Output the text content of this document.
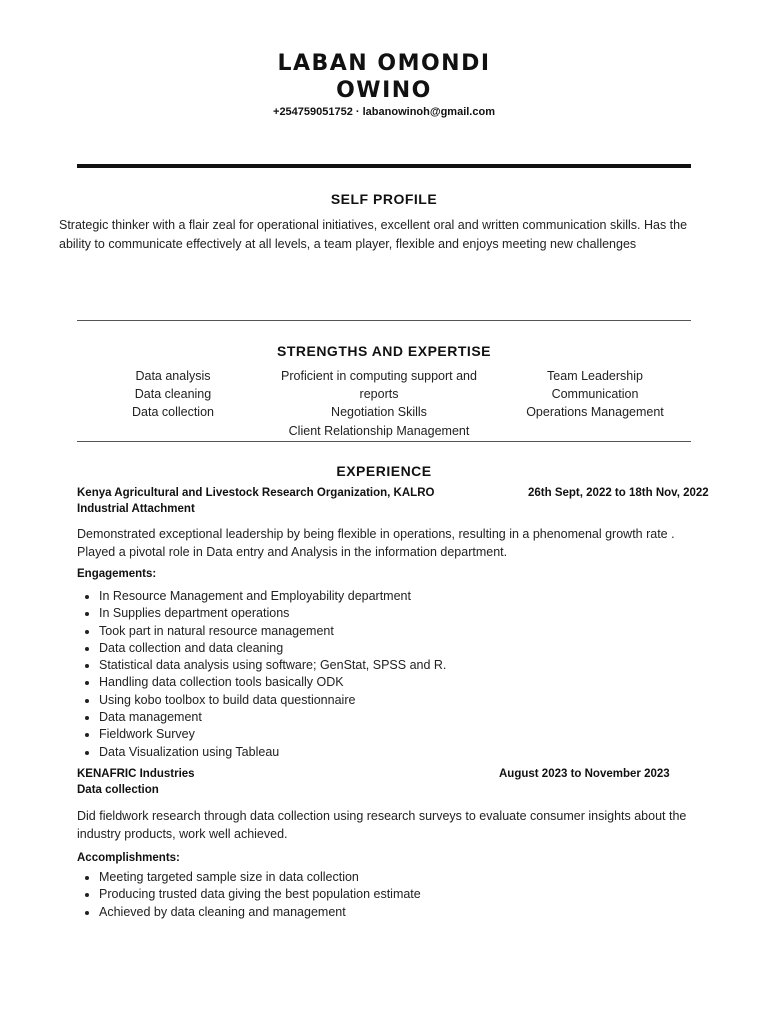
LABAN OMONDI
OWINO
+254759051752 · labanowinoh@gmail.com
SELF PROFILE
Strategic thinker with a flair zeal for operational initiatives, excellent oral and written communication skills. Has the ability to communicate effectively at all levels, a team player, flexible and enjoys meeting new challenges
STRENGTHS AND EXPERTISE
Data analysis
Data cleaning
Data collection
Proficient in computing support and
reports
Negotiation Skills
Client Relationship Management
Team Leadership
Communication
Operations Management
EXPERIENCE
Kenya Agricultural and Livestock Research Organization, KALRO	26th Sept, 2022 to 18th Nov, 2022
Industrial Attachment
Demonstrated exceptional leadership by being flexible in operations, resulting in a phenomenal growth rate . Played a pivotal role in Data entry and Analysis in the information department.
Engagements:
• In Resource Management and Employability department
• In Supplies department operations
• Took part in natural resource management
• Data collection and data cleaning
• Statistical data analysis using software; GenStat, SPSS and R.
• Handling data collection tools basically ODK
• Using kobo toolbox to build data questionnaire
• Data management
• Fieldwork Survey
• Data Visualization using Tableau
KENAFRIC Industries	August 2023 to November 2023
Data collection
Did fieldwork research through data collection using research surveys to evaluate consumer insights about the industry products, work well achieved.
Accomplishments:
• Meeting targeted sample size in data collection
• Producing trusted data giving the best population estimate
• Achieved by data cleaning and management
